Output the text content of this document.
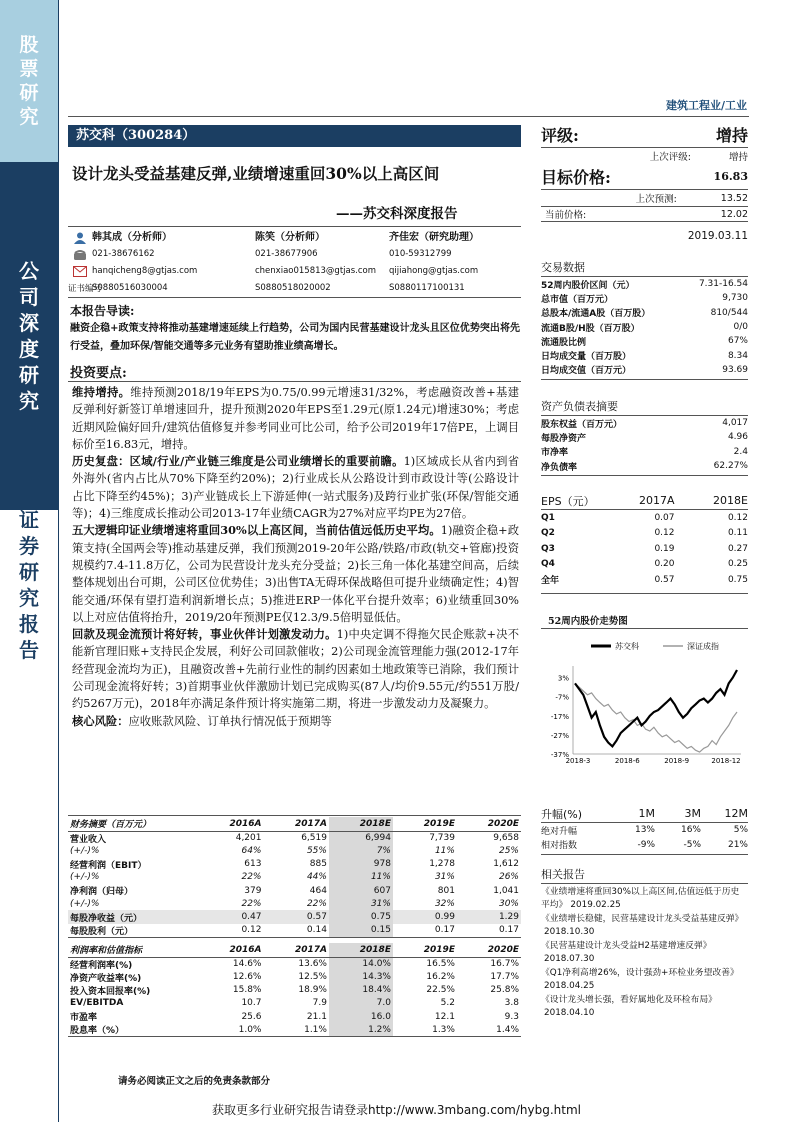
股票研究
公司深度研究
证券研究报告
建筑工程业/工业
苏交科（300284）
设计龙头受益基建反弹,业绩增速重回30%以上高区间
——苏交科深度报告
评级:	增持
上次评级:	增持
目标价格:	16.83
上次预测:	13.52
当前价格:	12.02
2019.03.11
证书编号
韩其成（分析师）
021-38676162
hanqicheng8@gtjas.com
S0880516030004
陈笑（分析师）
021-38677906
chenxiao015813@gtjas.com
S0880518020002
齐佳宏（研究助理）
010-59312799
qijiahong@gtjas.com
S0880117100131
本报告导读:
融资企稳+政策支持将推动基建增速延续上行趋势，公司为国内民营基建设计龙头且区位优势突出将先行受益，叠加环保/智能交通等多元业务有望助推业绩高增长。
投资要点:

维持增持。维持预测2018/19年EPS为0.75/0.99元增速31/32%，考虑融资改善+基建反弹利好新签订单增速回升，提升预测2020年EPS至1.29元(原1.24元)增速30%；考虑近期风险偏好回升/建筑估值修复并参考同业可比公司，给予公司2019年17倍PE，上调目标价至16.83元，增持。

历史复盘：区域/行业/产业链三维度是公司业绩增长的重要前瞻。1)区域成长从省内到省外海外(省内占比从70%下降至约20%)；2)行业成长从公路设计到市政设计等(公路设计占比下降至约45%)；3)产业链成长上下游延伸(一站式服务)及跨行业扩张(环保/智能交通等)；4)三维度成长推动公司2013-17年业绩CAGR为27%对应平均PE为27倍。

五大逻辑印证业绩增速将重回30%以上高区间，当前估值远低历史平均。1)融资企稳+政策支持(全国两会等)推动基建反弹，我们预测2019-20年公路/铁路/市政(轨交+管廊)投资规模约7.4-11.8万亿，公司为民营设计龙头充分受益；2)长三角一体化基建空间高，后续整体规划出台可期，公司区位优势佳；3)出售TA无碍环保战略但可提升业绩确定性；4)智能交通/环保有望打造利润新增长点；5)推进ERP一体化平台提升效率；6)业绩重回30%以上对应估值将抬升，2019/20年预测PE仅12.3/9.5倍明显低估。

回款及现金流预计将好转，事业伙伴计划激发动力。1)中央定调不得拖欠民企账款+决不能新官理旧账+支持民企发展，利好公司回款催收；2)公司现金流管理能力强(2012-17年经营现金流均为正)，且融资改善+先前行业性的制约因素如土地政策等已消除，我们预计公司现金流将好转；3)首期事业伙伴激励计划已完成购买(87人/均价9.55元/约551万股/约5267万元)，2018年亦满足条件预计将实施第二期，将进一步激发动力及凝聚力。

核心风险：应收账款风险、订单执行情况低于预期等

交易数据
52周内股价区间（元）	7.31-16.54
总市值（百万元）	9,730
总股本/流通A股（百万股）	810/544
流通B股/H股（百万股）	0/0
流通股比例	67%
日均成交量（百万股）	8.34
日均成交值（百万元）	93.69
资产负债表摘要
股东权益（百万元）	4,017
每股净资产	4.96
市净率	2.4
净负债率	62.27%
EPS（元）	2017A	2018E
Q1	0.07	0.12
Q2	0.12	0.11
Q3	0.19	0.27
Q4	0.20	0.25
全年	0.57	0.75
52周内股价走势图
苏交科	深证成指
3%
-7%
-17%
-27%
-37%
2018-3	2018-6	2018-9	2018-12
升幅(%)	1M	3M	12M
绝对升幅	13%	16%	5%
相对指数	-9%	-5%	21%
相关报告
《业绩增速将重回30%以上高区间,估值远低于历史平均》 2019.02.25
《业绩增长稳健，民营基建设计龙头受益基建反弹》2018.10.30
《民营基建设计龙头受益H2基建增速反弹》2018.07.30
《Q1净利高增26%，设计强劲+环检业务望改善》2018.04.25
《设计龙头增长强，看好属地化及环检布局》2018.04.10
财务摘要（百万元）	2016A	2017A	2018E	2019E	2020E
营业收入	4,201	6,519	6,994	7,739	9,658
(+/-)%	64%	55%	7%	11%	25%
经营利润（EBIT）	613	885	978	1,278	1,612
(+/-)%	22%	44%	11%	31%	26%
净利润（归母）	379	464	607	801	1,041
(+/-)%	22%	22%	31%	32%	30%
每股净收益（元）	0.47	0.57	0.75	0.99	1.29
每股股利（元）	0.12	0.14	0.15	0.17	0.17
利润率和估值指标	2016A	2017A	2018E	2019E	2020E
经营利润率(%)	14.6%	13.6%	14.0%	16.5%	16.7%
净资产收益率(%)	12.6%	12.5%	14.3%	16.2%	17.7%
投入资本回报率(%)	15.8%	18.9%	18.4%	22.5%	25.8%
EV/EBITDA	10.7	7.9	7.0	5.2	3.8
市盈率	25.6	21.1	16.0	12.1	9.3
股息率（%）	1.0%	1.1%	1.2%	1.3%	1.4%
请务必阅读正文之后的免责条款部分
获取更多行业研究报告请登录http://www.3mbang.com/hybg.html
